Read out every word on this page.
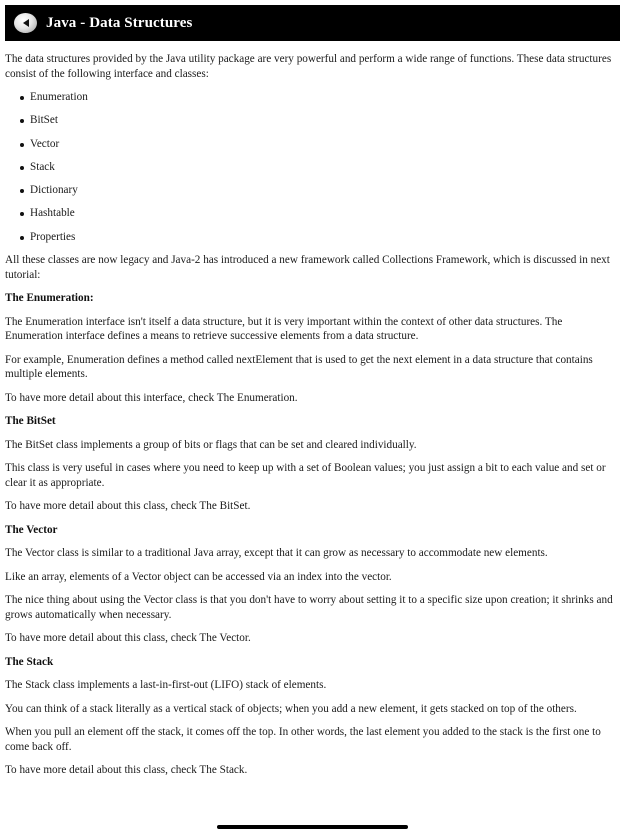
Java - Data Structures

The data structures provided by the Java utility package are very powerful and perform a wide range of functions. These data structures consist of the following interface and classes:

Enumeration
BitSet
Vector
Stack
Dictionary
Hashtable
Properties

All these classes are now legacy and Java-2 has introduced a new framework called Collections Framework, which is discussed in next tutorial:

The Enumeration:

The Enumeration interface isn't itself a data structure, but it is very important within the context of other data structures. The Enumeration interface defines a means to retrieve successive elements from a data structure.

For example, Enumeration defines a method called nextElement that is used to get the next element in a data structure that contains multiple elements.

To have more detail about this interface, check The Enumeration.

The BitSet

The BitSet class implements a group of bits or flags that can be set and cleared individually.

This class is very useful in cases where you need to keep up with a set of Boolean values; you just assign a bit to each value and set or clear it as appropriate.

To have more detail about this class, check The BitSet.

The Vector

The Vector class is similar to a traditional Java array, except that it can grow as necessary to accommodate new elements.

Like an array, elements of a Vector object can be accessed via an index into the vector.

The nice thing about using the Vector class is that you don't have to worry about setting it to a specific size upon creation; it shrinks and grows automatically when necessary.

To have more detail about this class, check The Vector.

The Stack

The Stack class implements a last-in-first-out (LIFO) stack of elements.

You can think of a stack literally as a vertical stack of objects; when you add a new element, it gets stacked on top of the others.

When you pull an element off the stack, it comes off the top. In other words, the last element you added to the stack is the first one to come back off.

To have more detail about this class, check The Stack.
